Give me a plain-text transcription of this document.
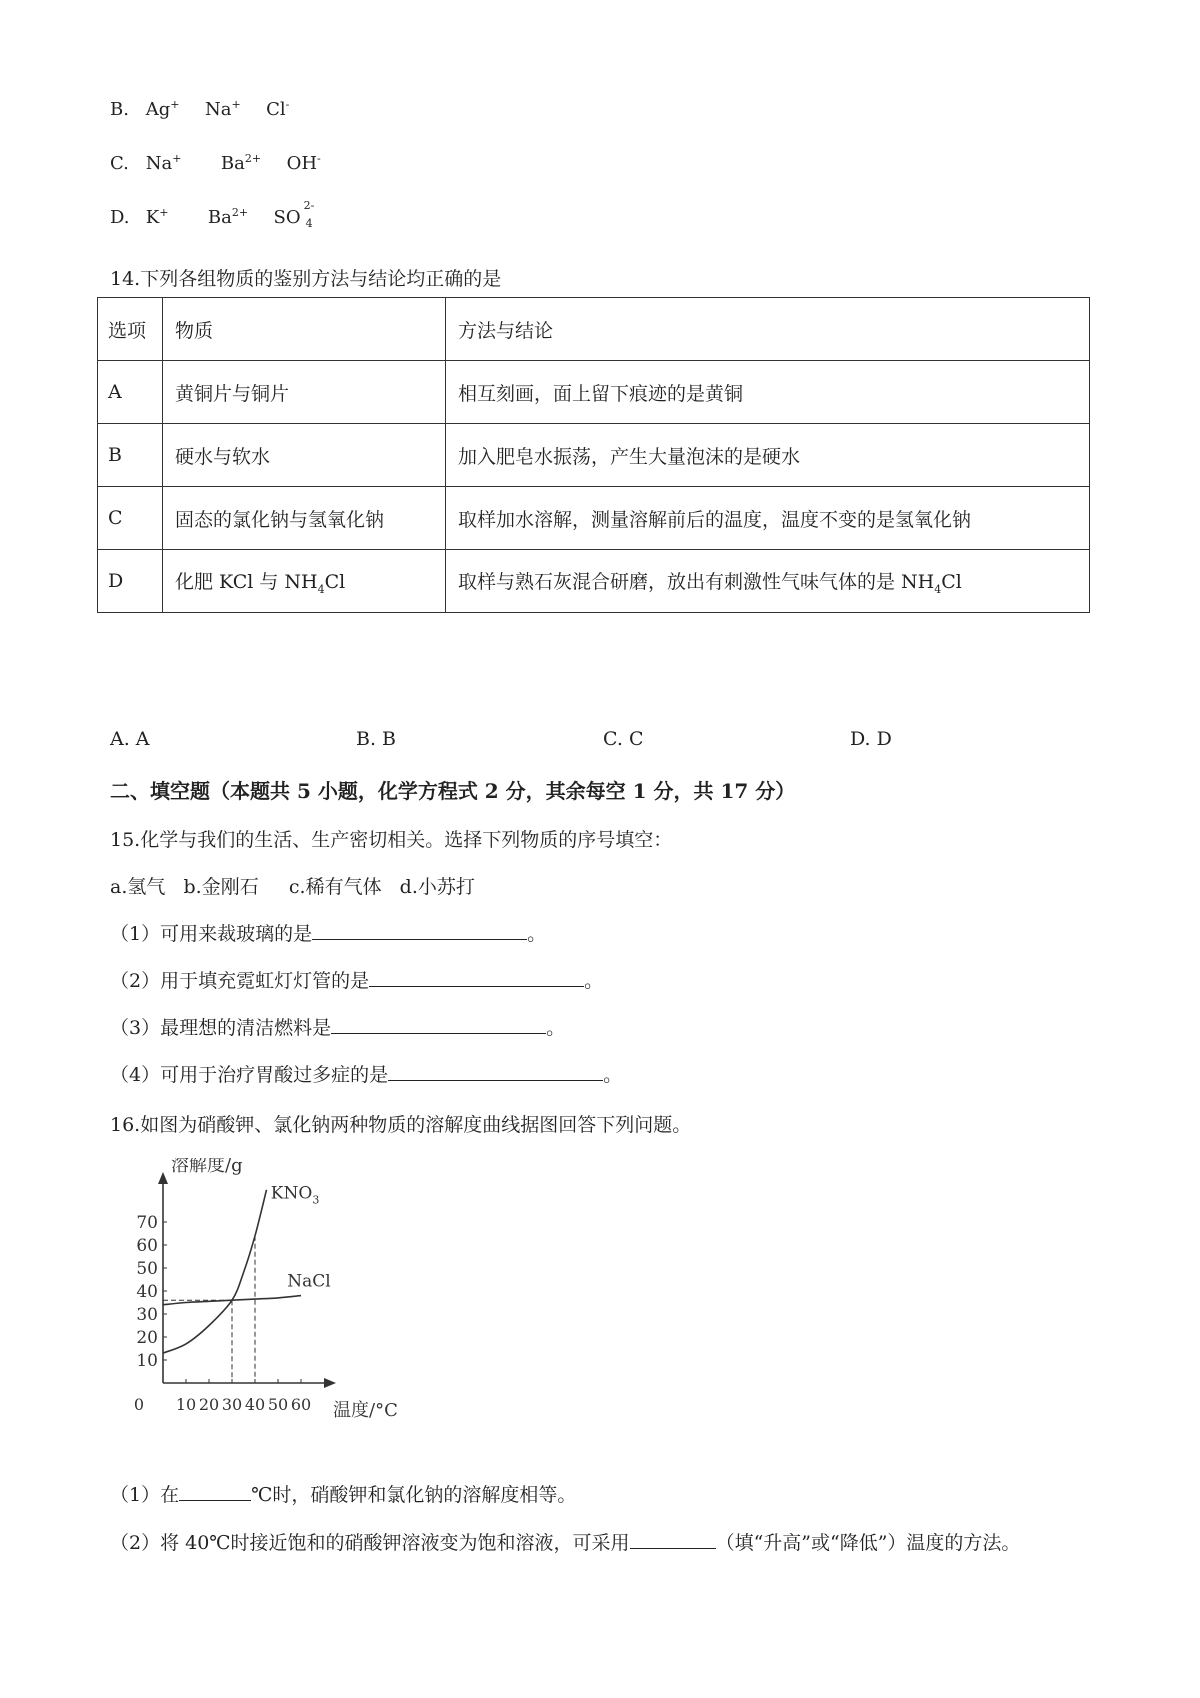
B. Ag+ Na+ Cl-
C. Na+ $Ba^{2+}$ OH-
D. K+ $Ba^{2+}$ SO
2-
4
14.下列各组物质的鉴别方法与结论均正确的是
选项	物质	方法与结论
A	黄铜片与铜片	相互刻画，面上留下痕迹的是黄铜
B	硬水与软水	加入肥皂水振荡，产生大量泡沫的是硬水
C	固态的氯化钠与氢氧化钠	取样加水溶解，测量溶解前后的温度，温度不变的是氢氧化钠
D	化肥 KCl 与 $NH_4Cl$	取样与熟石灰混合研磨，放出有刺激性气味气体的是 $NH_4Cl$
A. A	B. B	C. C	D. D
二、填空题（本题共 5 小题，化学方程式 2 分，其余每空 1 分，共 17 分）
15.化学与我们的生活、生产密切相关。选择下列物质的序号填空：
a.氢气   b.金刚石     c.稀有气体   d.小苏打
（1）可用来裁玻璃的是	。
（2）用于填充霓虹灯灯管的是	。
（3）最理想的清洁燃料是	。
（4）可用于治疗胃酸过多症的是	。
16.如图为硝酸钾、氯化钠两种物质的溶解度曲线据图回答下列问题。
10
20
30
40
50
60
70
10 20 30 40 50 60
0
溶解度/g
温度/°C
$KNO_3$
NaCl
（1）在	℃时，硝酸钾和氯化钠的溶解度相等。
（2）将 40℃时接近饱和的硝酸钾溶液变为饱和溶液，可采用	（填“升高”或“降低”）温度的方法。
